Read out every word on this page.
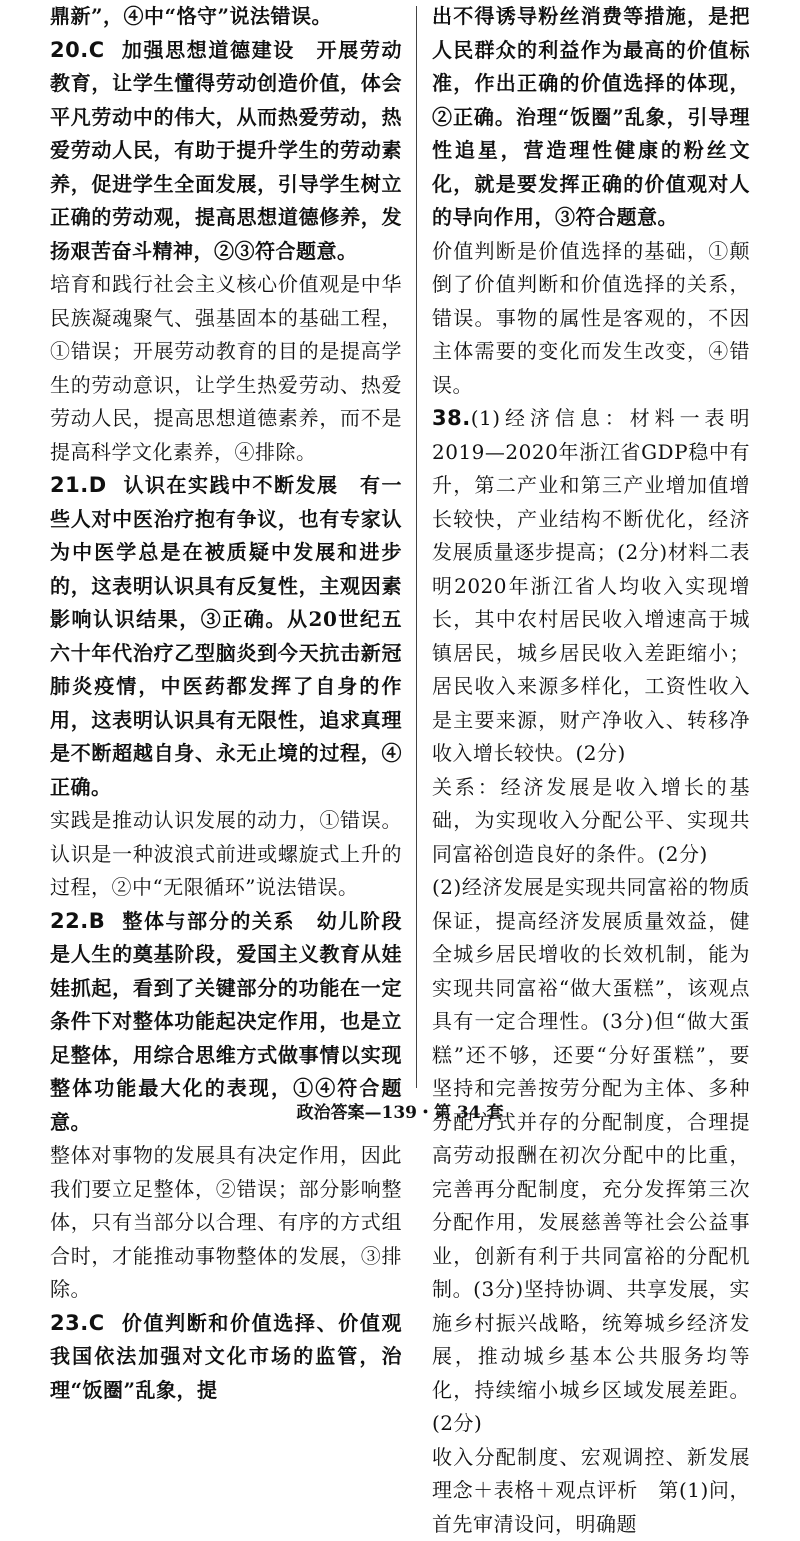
鼎新”，④中“恪守”说法错误。

20.C 加强思想道德建设　开展劳动教育，让学生懂得劳动创造价值，体会平凡劳动中的伟大，从而热爱劳动，热爱劳动人民，有助于提升学生的劳动素养，促进学生全面发展，引导学生树立正确的劳动观，提高思想道德修养，发扬艰苦奋斗精神，②③符合题意。

培育和践行社会主义核心价值观是中华民族凝魂聚气、强基固本的基础工程，①错误；开展劳动教育的目的是提高学生的劳动意识，让学生热爱劳动、热爱劳动人民，提高思想道德素养，而不是提高科学文化素养，④排除。

21.D 认识在实践中不断发展　有一些人对中医治疗抱有争议，也有专家认为中医学总是在被质疑中发展和进步的，这表明认识具有反复性，主观因素影响认识结果，③正确。从20世纪五六十年代治疗乙型脑炎到今天抗击新冠肺炎疫情，中医药都发挥了自身的作用，这表明认识具有无限性，追求真理是不断超越自身、永无止境的过程，④正确。

实践是推动认识发展的动力，①错误。认识是一种波浪式前进或螺旋式上升的过程，②中“无限循环”说法错误。

22.B 整体与部分的关系　幼儿阶段是人生的奠基阶段，爱国主义教育从娃娃抓起，看到了关键部分的功能在一定条件下对整体功能起决定作用，也是立足整体，用综合思维方式做事情以实现整体功能最大化的表现，①④符合题意。

整体对事物的发展具有决定作用，因此我们要立足整体，②错误；部分影响整体，只有当部分以合理、有序的方式组合时，才能推动事物整体的发展，③排除。

23.C 价值判断和价值选择、价值观　我国依法加强对文化市场的监管，治理“饭圈”乱象，提

出不得诱导粉丝消费等措施，是把人民群众的利益作为最高的价值标准，作出正确的价值选择的体现，②正确。治理“饭圈”乱象，引导理性追星，营造理性健康的粉丝文化，就是要发挥正确的价值观对人的导向作用，③符合题意。

价值判断是价值选择的基础，①颠倒了价值判断和价值选择的关系，错误。事物的属性是客观的，不因主体需要的变化而发生改变，④错误。

38.(1)经济信息：材料一表明2019—2020年浙江省GDP稳中有升，第二产业和第三产业增加值增长较快，产业结构不断优化，经济发展质量逐步提高；(2分)材料二表明2020年浙江省人均收入实现增长，其中农村居民收入增速高于城镇居民，城乡居民收入差距缩小；居民收入来源多样化，工资性收入是主要来源，财产净收入、转移净收入增长较快。(2分)

关系：经济发展是收入增长的基础，为实现收入分配公平、实现共同富裕创造良好的条件。(2分)

(2)经济发展是实现共同富裕的物质保证，提高经济发展质量效益，健全城乡居民增收的长效机制，能为实现共同富裕“做大蛋糕”，该观点具有一定合理性。(3分)但“做大蛋糕”还不够，还要“分好蛋糕”，要坚持和完善按劳分配为主体、多种分配方式并存的分配制度，合理提高劳动报酬在初次分配中的比重，完善再分配制度，充分发挥第三次分配作用，发展慈善等社会公益事业，创新有利于共同富裕的分配机制。(3分)坚持协调、共享发展，实施乡村振兴战略，统筹城乡经济发展，推动城乡基本公共服务均等化，持续缩小城乡区域发展差距。(2分)

收入分配制度、宏观调控、新发展理念＋表格＋观点评析　第(1)问，首先审清设问，明确题

政治答案—139・第 34 套
